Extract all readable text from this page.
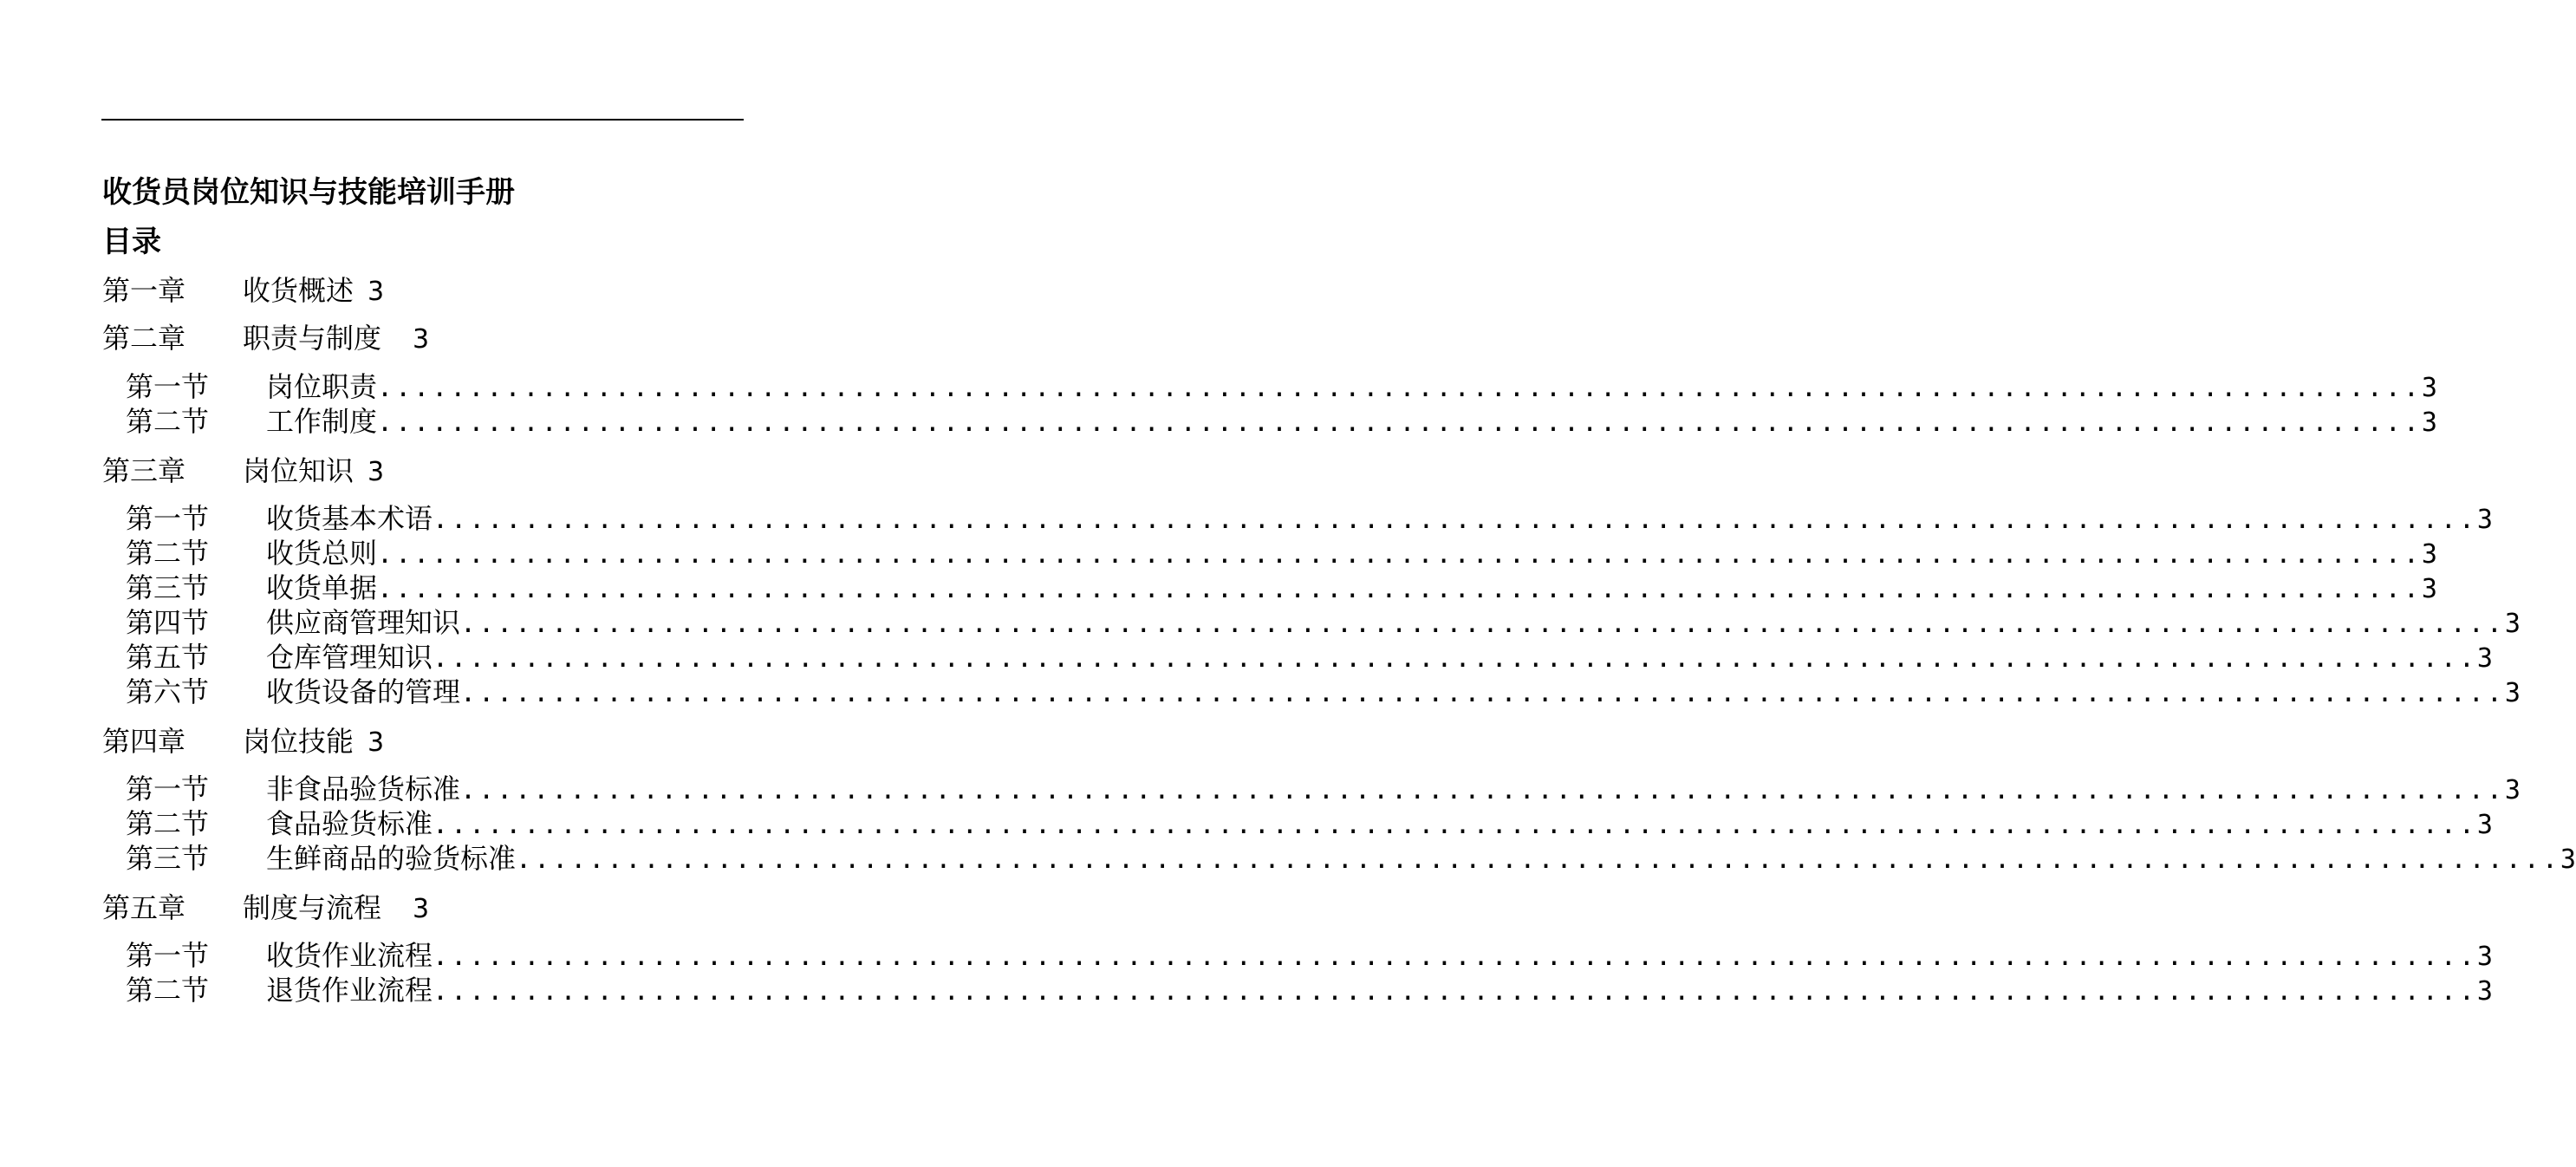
收货员岗位知识与技能培训手册
目录
第一章 收货概述 3
第二章 职责与制度 3
第一节 岗位职责 ................................................................................................................ 3
第二节 工作制度 ................................................................................................................ 3
第三章 岗位知识 3
第一节 收货基本术语 ................................................................................................................ 3
第二节 收货总则 ................................................................................................................ 3
第三节 收货单据 ................................................................................................................ 3
第四节 供应商管理知识 ................................................................................................................ 3
第五节 仓库管理知识 ................................................................................................................ 3
第六节 收货设备的管理 ................................................................................................................ 3
第四章 岗位技能 3
第一节 非食品验货标准 ................................................................................................................ 3
第二节 食品验货标准 ................................................................................................................ 3
第三节 生鲜商品的验货标准 ................................................................................................................ 3
第五章 制度与流程 3
第一节 收货作业流程 ................................................................................................................ 3
第二节 退货作业流程 ................................................................................................................ 3
